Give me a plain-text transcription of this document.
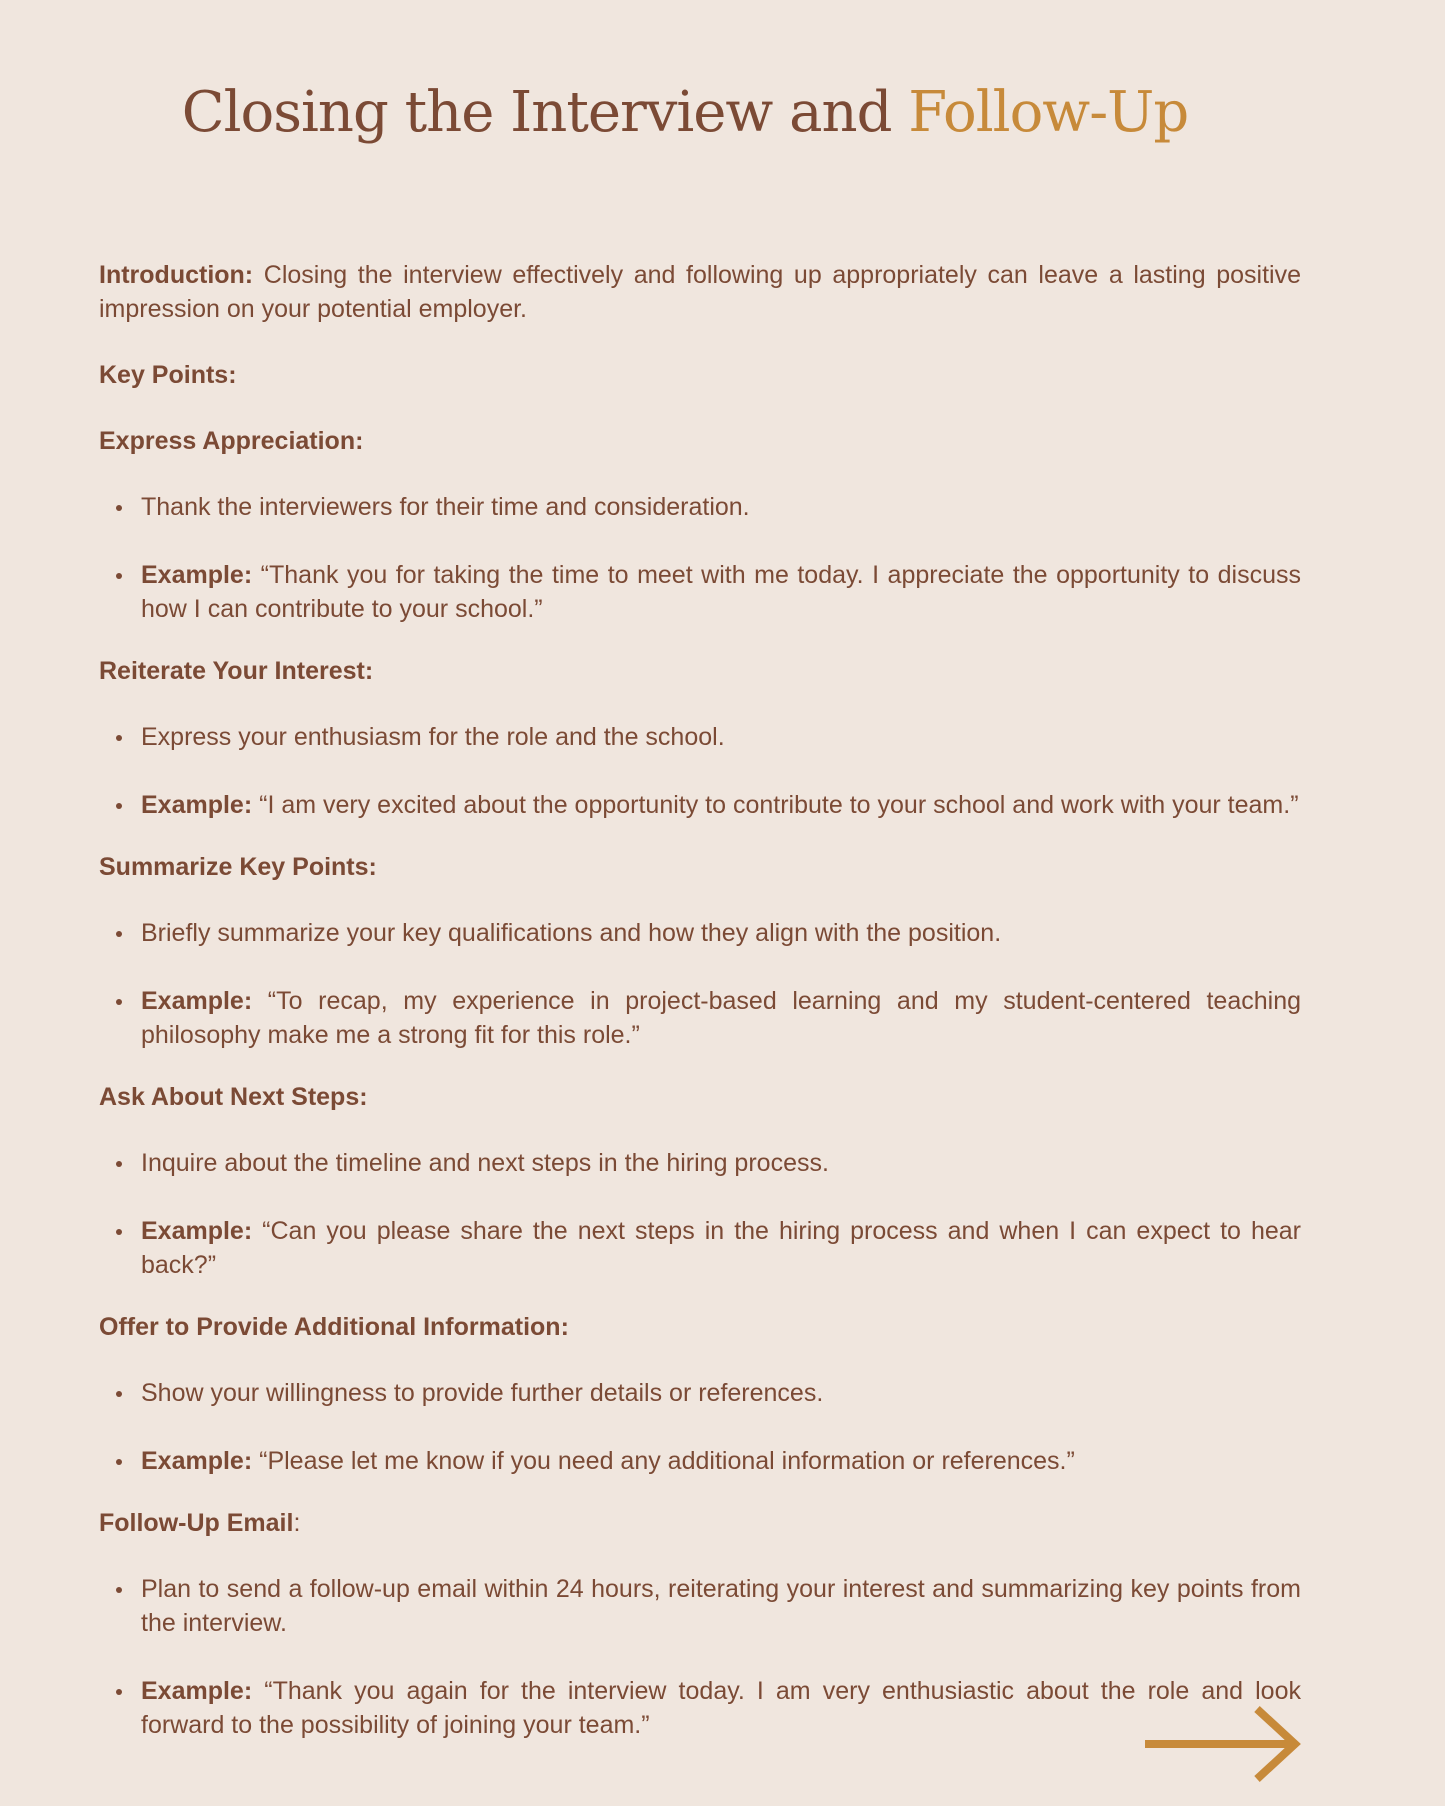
Closing the Interview and Follow-Up

Introduction: Closing the interview effectively and following up appropriately can leave a lasting positive impression on your potential employer.

Key Points:

Express Appreciation:

Thank the interviewers for their time and consideration.
Example: “Thank you for taking the time to meet with me today. I appreciate the opportunity to discuss how I can contribute to your school.”

Reiterate Your Interest:

Express your enthusiasm for the role and the school.
Example: “I am very excited about the opportunity to contribute to your school and work with your team.”

Summarize Key Points:

Briefly summarize your key qualifications and how they align with the position.
Example: “To recap, my experience in project-based learning and my student-centered teaching philosophy make me a strong fit for this role.”

Ask About Next Steps:

Inquire about the timeline and next steps in the hiring process.
Example: “Can you please share the next steps in the hiring process and when I can expect to hear back?”

Offer to Provide Additional Information:

Show your willingness to provide further details or references.
Example: “Please let me know if you need any additional information or references.”

Follow-Up Email:

Plan to send a follow-up email within 24 hours, reiterating your interest and summarizing key points from the interview.
Example: “Thank you again for the interview today. I am very enthusiastic about the role and look forward to the possibility of joining your team.”
